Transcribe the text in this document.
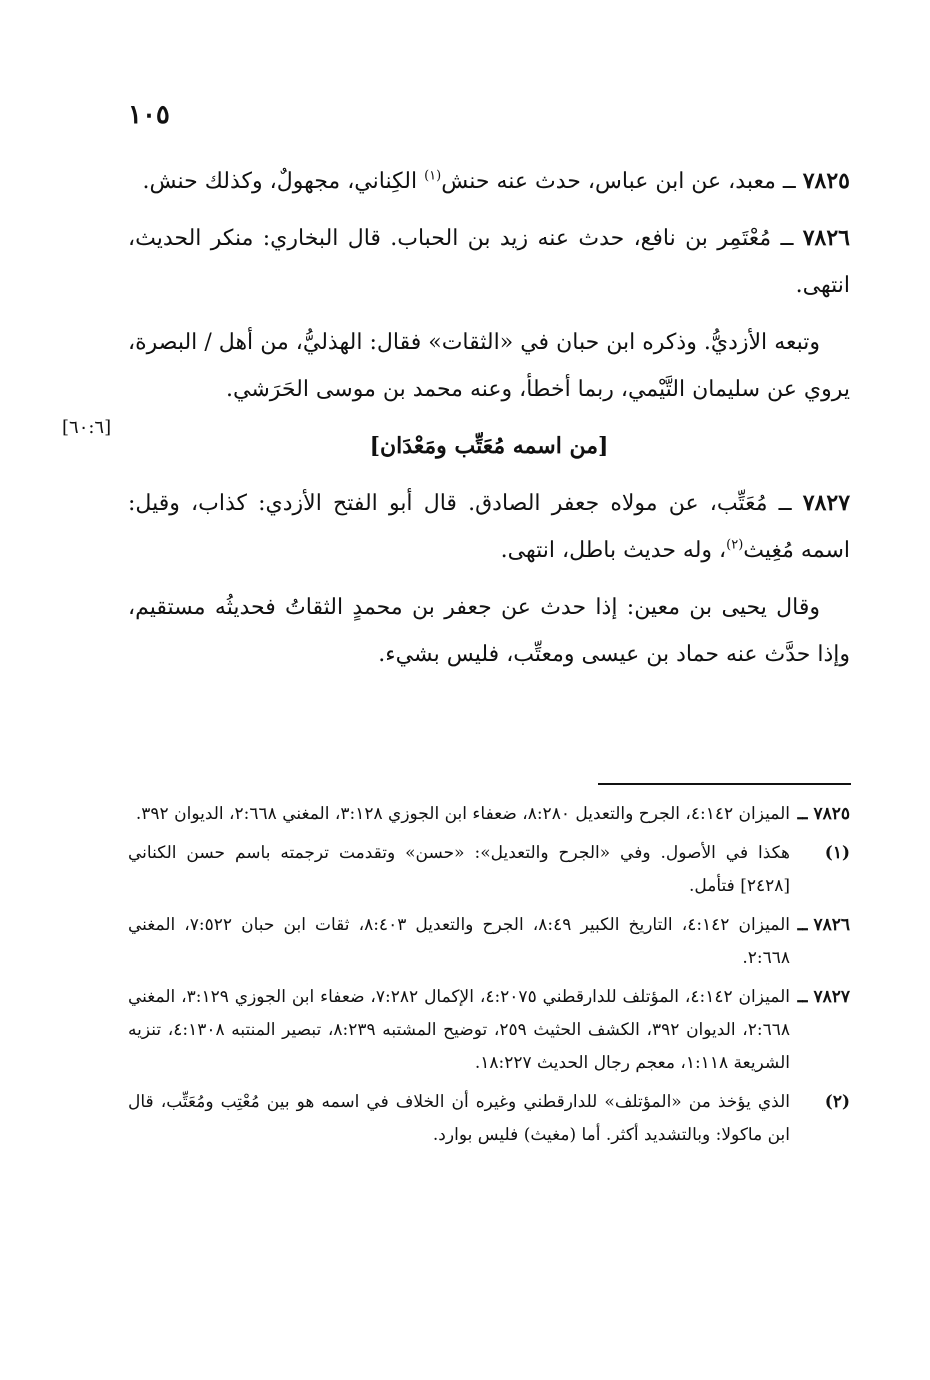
١٠٥
[٦٠:٦]

٧٨٢٥ ــ معبد، عن ابن عباس، حدث عنه حنش$^{(١)}$ الكِناني، مجهولٌ، وكذلك حنش.

٧٨٢٦ ــ مُعْتَمِر بن نافع، حدث عنه زيد بن الحباب. قال البخاري: منكر الحديث، انتهى.

وتبعه الأزديُّ. وذكره ابن حبان في «الثقات» فقال: الهذليُّ، من أهل / البصرة، يروي عن سليمان التَّيْمي، ربما أخطأ، وعنه محمد بن موسى الحَرَشي.

[من اسمه مُعَتِّب ومَعْدَان]

٧٨٢٧ ــ مُعَتِّب، عن مولاه جعفر الصادق. قال أبو الفتح الأزدي: كذاب، وقيل: اسمه مُغِيث$^{(٢)}$، وله حديث باطل، انتهى.

وقال يحيى بن معين: إذا حدث عن جعفر بن محمدٍ الثقاتُ فحديثُه مستقيم، وإذا حدَّث عنه حماد بن عيسى ومعتِّب، فليس بشيء.

٧٨٢٥ ــالميزان ٤:١٤٢، الجرح والتعديل ٨:٢٨٠، ضعفاء ابن الجوزي ٣:١٢٨، المغني ٢:٦٦٨، الديوان ٣٩٢.

(١)هكذا في الأصول. وفي «الجرح والتعديل»: «حسن» وتقدمت ترجمته باسم حسن الكناني [٢٤٢٨] فتأمل.

٧٨٢٦ ــالميزان ٤:١٤٢، التاريخ الكبير ٨:٤٩، الجرح والتعديل ٨:٤٠٣، ثقات ابن حبان ٧:٥٢٢، المغني ٢:٦٦٨.

٧٨٢٧ ــالميزان ٤:١٤٢، المؤتلف للدارقطني ٤:٢٠٧٥، الإكمال ٧:٢٨٢، ضعفاء ابن الجوزي ٣:١٢٩، المغني ٢:٦٦٨، الديوان ٣٩٢، الكشف الحثيث ٢٥٩، توضيح المشتبه ٨:٢٣٩، تبصير المنتبه ٤:١٣٠٨، تنزيه الشريعة ١:١١٨، معجم رجال الحديث ١٨:٢٢٧.

(٢)الذي يؤخذ من «المؤتلف» للدارقطني وغيره أن الخلاف في اسمه هو بين مُعْتِب ومُعَتِّب، قال ابن ماكولا: وبالتشديد أكثر. أما (مغيث) فليس بوارد.
